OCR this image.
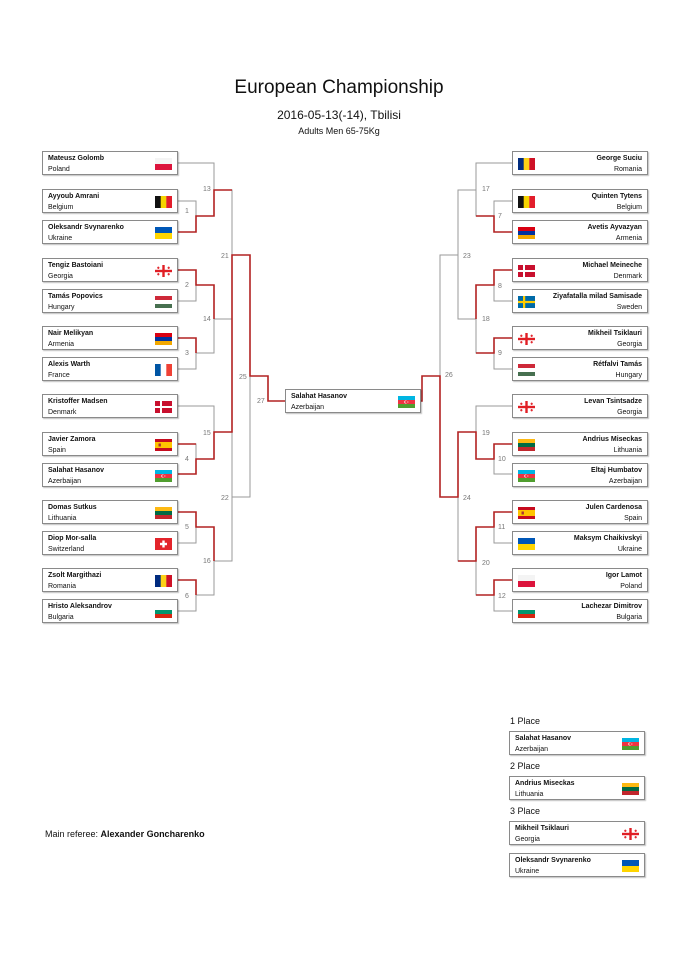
European Championship
2016-05-13(-14), Tbilisi
Adults Men 65-75Kg
Mateusz Golomb
Poland
Ayyoub Amrani
Belgium
Oleksandr Svynarenko
Ukraine
Tengiz Bastoiani
Georgia
Tamás Popovics
Hungary
Nair Melikyan
Armenia
Alexis Warth
France
Kristoffer Madsen
Denmark
Javier Zamora
Spain
Salahat Hasanov
Azerbaijan
Domas Sutkus
Lithuania
Diop Mor-salla
Switzerland
Zsolt Margithazi
Romania
Hristo Aleksandrov
Bulgaria
George Suciu
Romania
Quinten Tytens
Belgium
Avetis Ayvazyan
Armenia
Michael Meineche
Denmark
Ziyafatalla milad Samisade
Sweden
Mikheil Tsiklauri
Georgia
Rétfalvi Tamás
Hungary
Levan Tsintsadze
Georgia
Andrius Miseckas
Lithuania
Eltaj Humbatov
Azerbaijan
Julen Cardenosa
Spain
Maksym Chaikivskyi
Ukraine
Igor Lamot
Poland
Lachezar Dimitrov
Bulgaria
Salahat Hasanov
Azerbaijan
Salahat Hasanov
Azerbaijan
Andrius Miseckas
Lithuania
Mikheil Tsiklauri
Georgia
Oleksandr Svynarenko
Ukraine
13
1
2
14
3
21
25
27
15
4
5
22
16
6
17
7
23
8
18
9
26
19
10
24
11
20
12
1 Place
2 Place
3 Place
Main referee: Alexander Goncharenko
